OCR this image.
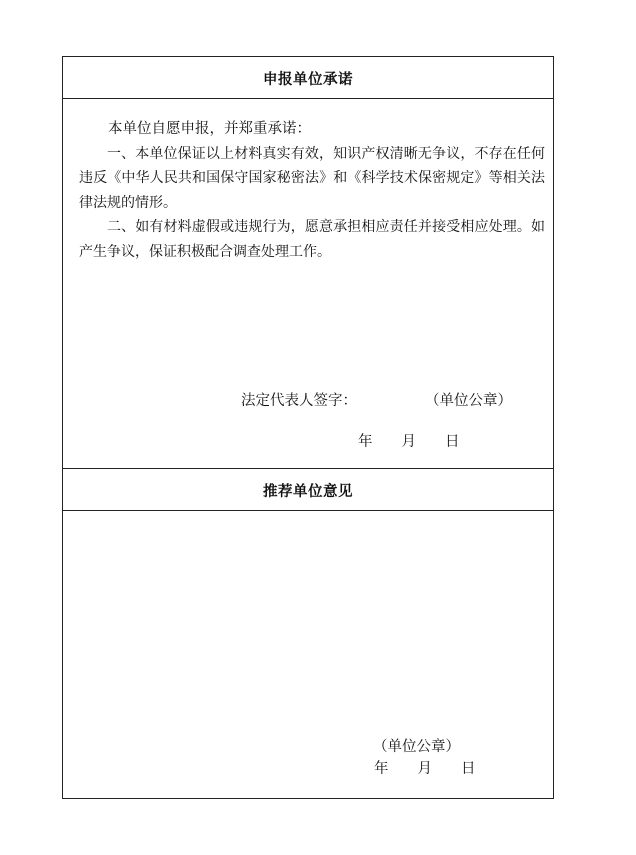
申报单位承诺

本单位自愿申报，并郑重承诺：

一、本单位保证以上材料真实有效，知识产权清晰无争议，不存在任何违反《中华人民共和国保守国家秘密法》和《科学技术保密规定》等相关法律法规的情形。

二、如有材料虚假或违规行为，愿意承担相应责任并接受相应处理。如产生争议，保证积极配合调查处理工作。

法定代表人签字：	（单位公章）
年　　月　　日
推荐单位意见
（单位公章）
年　　月　　日
